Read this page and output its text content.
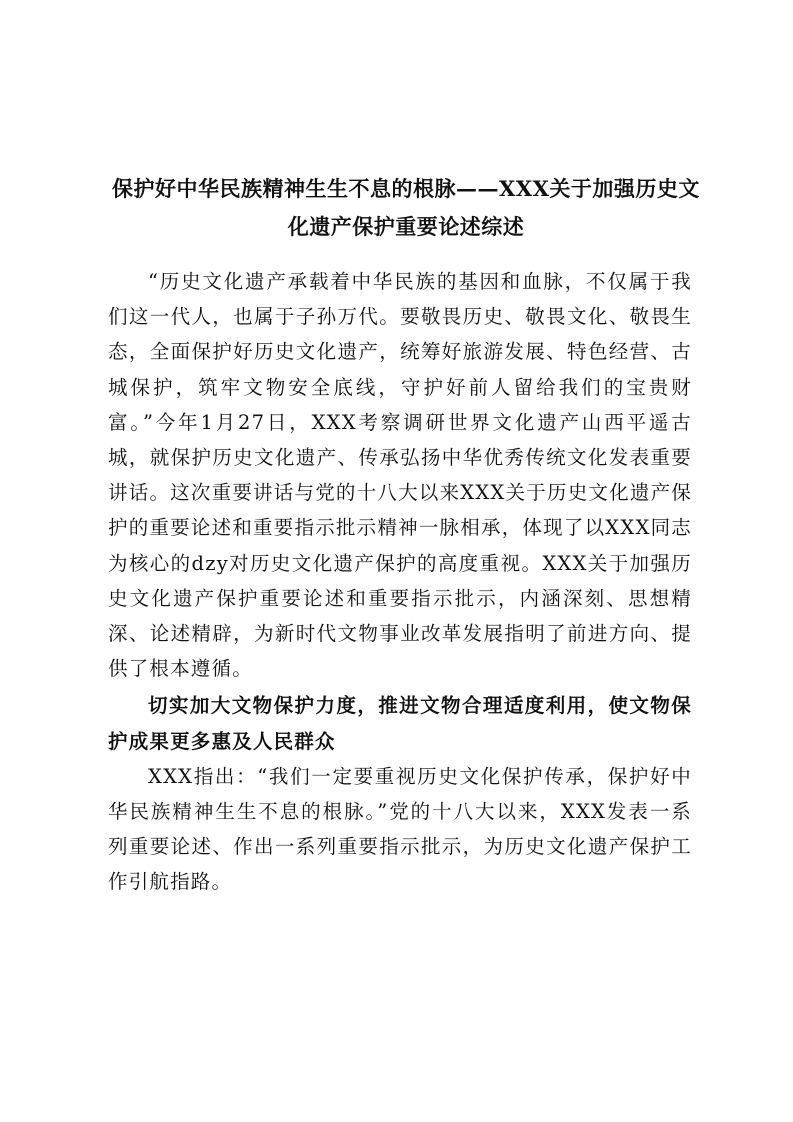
保护好中华民族精神生生不息的根脉——XXX关于加强历史文化遗产保护重要论述综述

“历史文化遗产承载着中华民族的基因和血脉，不仅属于我们这一代人，也属于子孙万代。要敬畏历史、敬畏文化、敬畏生态，全面保护好历史文化遗产，统筹好旅游发展、特色经营、古城保护，筑牢文物安全底线，守护好前人留给我们的宝贵财富。”今年1月27日，XXX考察调研世界文化遗产山西平遥古城，就保护历史文化遗产、传承弘扬中华优秀传统文化发表重要讲话。这次重要讲话与党的十八大以来XXX关于历史文化遗产保护的重要论述和重要指示批示精神一脉相承，体现了以XXX同志为核心的dzy对历史文化遗产保护的高度重视。XXX关于加强历史文化遗产保护重要论述和重要指示批示，内涵深刻、思想精深、论述精辟，为新时代文物事业改革发展指明了前进方向、提供了根本遵循。

切实加大文物保护力度，推进文物合理适度利用，使文物保护成果更多惠及人民群众

XXX指出：“我们一定要重视历史文化保护传承，保护好中华民族精神生生不息的根脉。”党的十八大以来，XXX发表一系列重要论述、作出一系列重要指示批示，为历史文化遗产保护工作引航指路。
